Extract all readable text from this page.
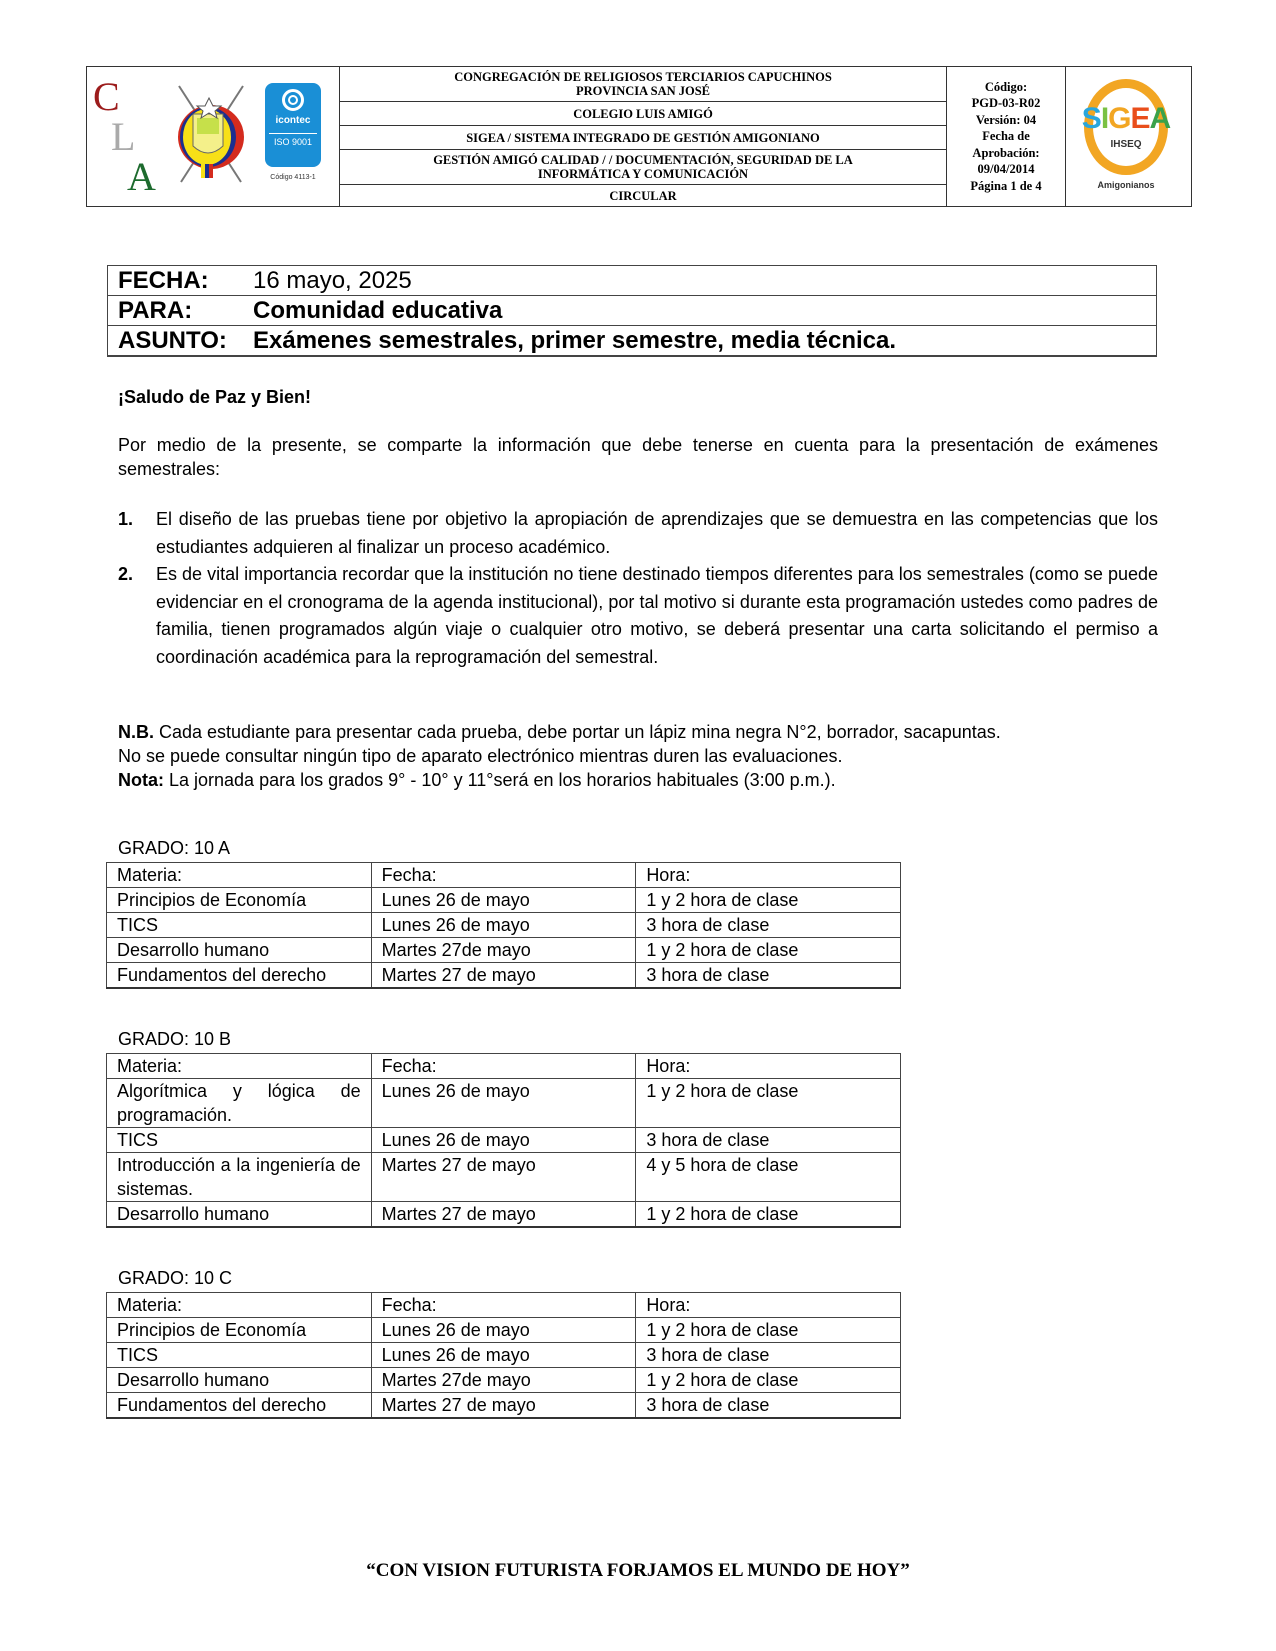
C
L
A
icontec
ISO 9001
Código 4113-1
CONGREGACIÓN DE RELIGIOSOS TERCIARIOS CAPUCHINOS
PROVINCIA SAN JOSÉ
COLEGIO LUIS AMIGÓ
SIGEA / SISTEMA INTEGRADO DE GESTIÓN AMIGONIANO
GESTIÓN AMIGÓ CALIDAD / / DOCUMENTACIÓN, SEGURIDAD DE LA
INFORMÁTICA Y COMUNICACIÓN
CIRCULAR
Código:
PGD-03-R02
Versión: 04
Fecha de
Aprobación:
09/04/2014
Página 1 de 4
SIGEA
IHSEQ
Amigonianos
FECHA:	16 mayo, 2025
PARA:	Comunidad educativa
ASUNTO:	Exámenes semestrales, primer semestre, media técnica.
¡Saludo de Paz y Bien!
Por medio de la presente, se comparte la información que debe tenerse en cuenta para la presentación de exámenes semestrales:
1.	El diseño de las pruebas tiene por objetivo la apropiación de aprendizajes que se demuestra en las competencias que los estudiantes adquieren al finalizar un proceso académico.
2.	Es de vital importancia recordar que la institución no tiene destinado tiempos diferentes para los semestrales (como se puede evidenciar en el cronograma de la agenda institucional), por tal motivo si durante esta programación ustedes como padres de familia, tienen programados algún viaje o cualquier otro motivo, se deberá presentar una carta solicitando el permiso a coordinación académica para la reprogramación del semestral.
N.B. Cada estudiante para presentar cada prueba, debe portar un lápiz mina negra N°2, borrador, sacapuntas.
No se puede consultar ningún tipo de aparato electrónico mientras duren las evaluaciones.
Nota: La jornada para los grados 9° - 10° y 11°será en los horarios habituales (3:00 p.m.).
GRADO: 10 A
Materia:	Fecha:	Hora:
Principios de Economía	Lunes 26 de mayo	1 y 2 hora de clase
TICS	Lunes 26 de mayo	3 hora de clase
Desarrollo humano	Martes 27de mayo	1 y 2 hora de clase
Fundamentos del derecho	Martes 27 de mayo	3 hora de clase
GRADO: 10 B
Materia:	Fecha:	Hora:
Algorítmica y lógica de programación.	Lunes 26 de mayo	1 y 2 hora de clase
TICS	Lunes 26 de mayo	3 hora de clase
Introducción a la ingeniería de sistemas.	Martes 27 de mayo	4 y 5 hora de clase
Desarrollo humano	Martes 27 de mayo	1 y 2 hora de clase
GRADO: 10 C
Materia:	Fecha:	Hora:
Principios de Economía	Lunes 26 de mayo	1 y 2 hora de clase
TICS	Lunes 26 de mayo	3 hora de clase
Desarrollo humano	Martes 27de mayo	1 y 2 hora de clase
Fundamentos del derecho	Martes 27 de mayo	3 hora de clase
“CON VISION FUTURISTA FORJAMOS EL MUNDO DE HOY”
